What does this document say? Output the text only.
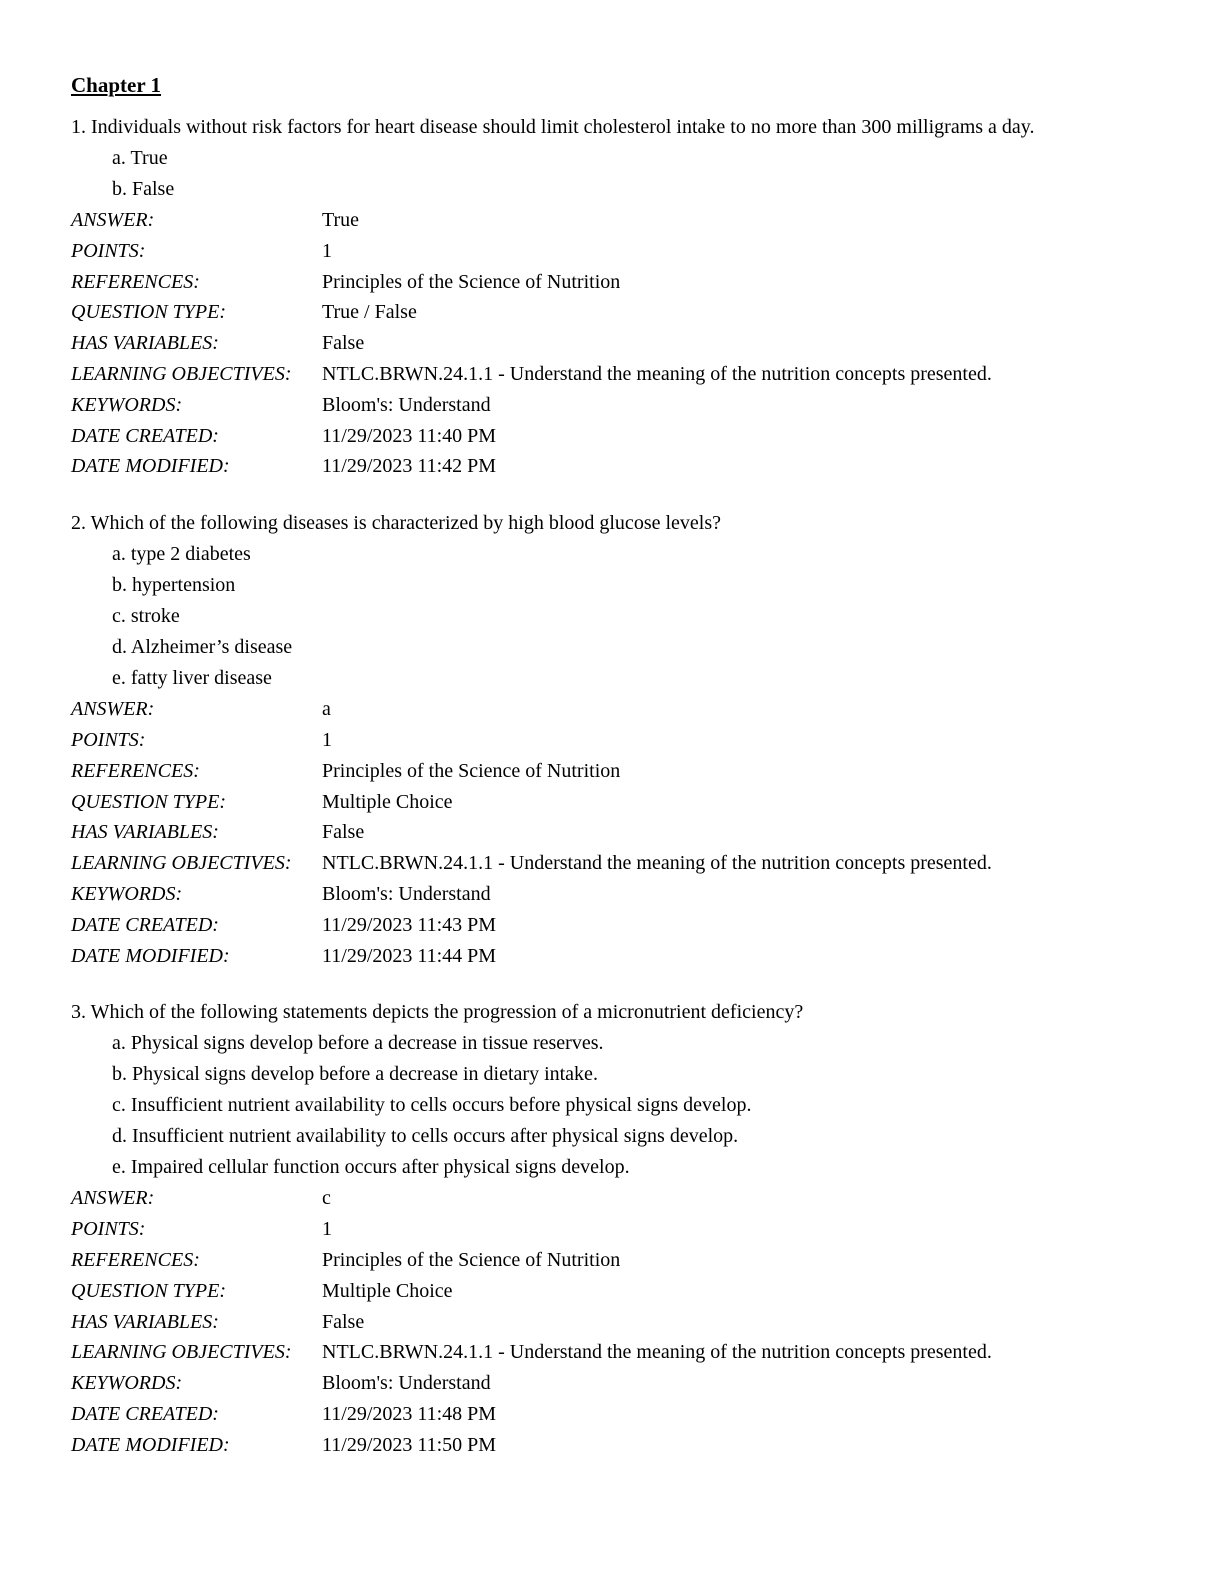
Chapter 1
1. Individuals without risk factors for heart disease should limit cholesterol intake to no more than 300 milligrams a day.
a. True
b. False
ANSWER:	True
POINTS:	1
REFERENCES:	Principles of the Science of Nutrition
QUESTION TYPE:	True / False
HAS VARIABLES:	False
LEARNING OBJECTIVES:	NTLC.BRWN.24.1.1 - Understand the meaning of the nutrition concepts presented.
KEYWORDS:	Bloom's: Understand
DATE CREATED:	11/29/2023 11:40 PM
DATE MODIFIED:	11/29/2023 11:42 PM
2. Which of the following diseases is characterized by high blood glucose levels?
a. type 2 diabetes
b. hypertension
c. stroke
d. Alzheimer’s disease
e. fatty liver disease
ANSWER:	a
POINTS:	1
REFERENCES:	Principles of the Science of Nutrition
QUESTION TYPE:	Multiple Choice
HAS VARIABLES:	False
LEARNING OBJECTIVES:	NTLC.BRWN.24.1.1 - Understand the meaning of the nutrition concepts presented.
KEYWORDS:	Bloom's: Understand
DATE CREATED:	11/29/2023 11:43 PM
DATE MODIFIED:	11/29/2023 11:44 PM
3. Which of the following statements depicts the progression of a micronutrient deficiency?
a. Physical signs develop before a decrease in tissue reserves.
b. Physical signs develop before a decrease in dietary intake.
c. Insufficient nutrient availability to cells occurs before physical signs develop.
d. Insufficient nutrient availability to cells occurs after physical signs develop.
e. Impaired cellular function occurs after physical signs develop.
ANSWER:	c
POINTS:	1
REFERENCES:	Principles of the Science of Nutrition
QUESTION TYPE:	Multiple Choice
HAS VARIABLES:	False
LEARNING OBJECTIVES:	NTLC.BRWN.24.1.1 - Understand the meaning of the nutrition concepts presented.
KEYWORDS:	Bloom's: Understand
DATE CREATED:	11/29/2023 11:48 PM
DATE MODIFIED:	11/29/2023 11:50 PM
